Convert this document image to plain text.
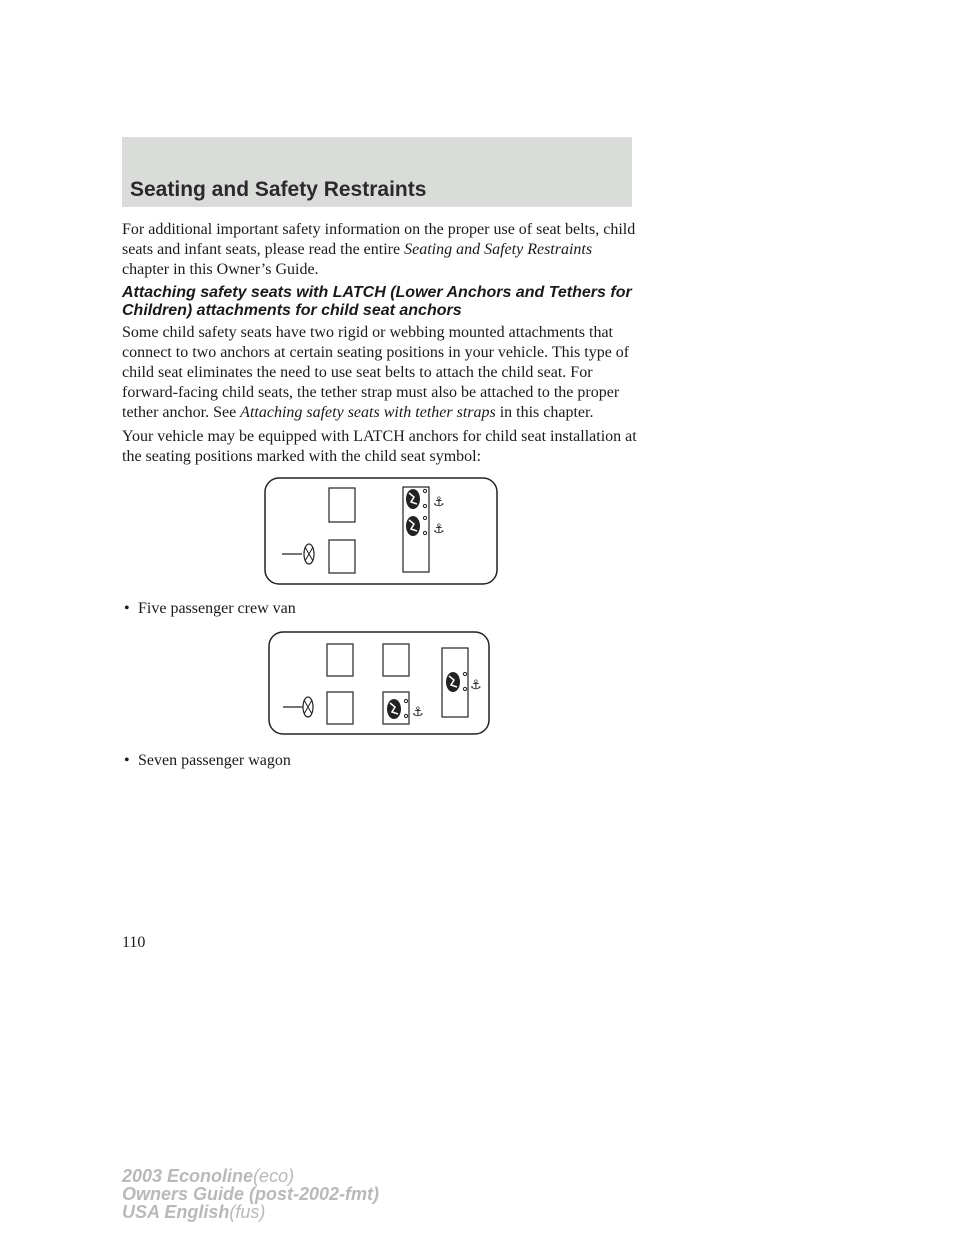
Seating and Safety Restraints

For additional important safety information on the proper use of seat belts, child seats and infant seats, please read the entire Seating and Safety Restraints chapter in this Owner’s Guide.

Attaching safety seats with LATCH (Lower Anchors and Tethers for Children) attachments for child seat anchors

Some child safety seats have two rigid or webbing mounted attachments that connect to two anchors at certain seating positions in your vehicle. This type of child seat eliminates the need to use seat belts to attach the child seat. For forward-facing child seats, the tether strap must also be attached to the proper tether anchor. See Attaching safety seats with tether straps in this chapter.

Your vehicle may be equipped with LATCH anchors for child seat installation at the seating positions marked with the child seat symbol:

⚓
⚓

• Five passenger crew van

⚓
⚓

• Seven passenger wagon

110

2003 Econoline(eco)
Owners Guide (post-2002-fmt)
USA English(fus)
